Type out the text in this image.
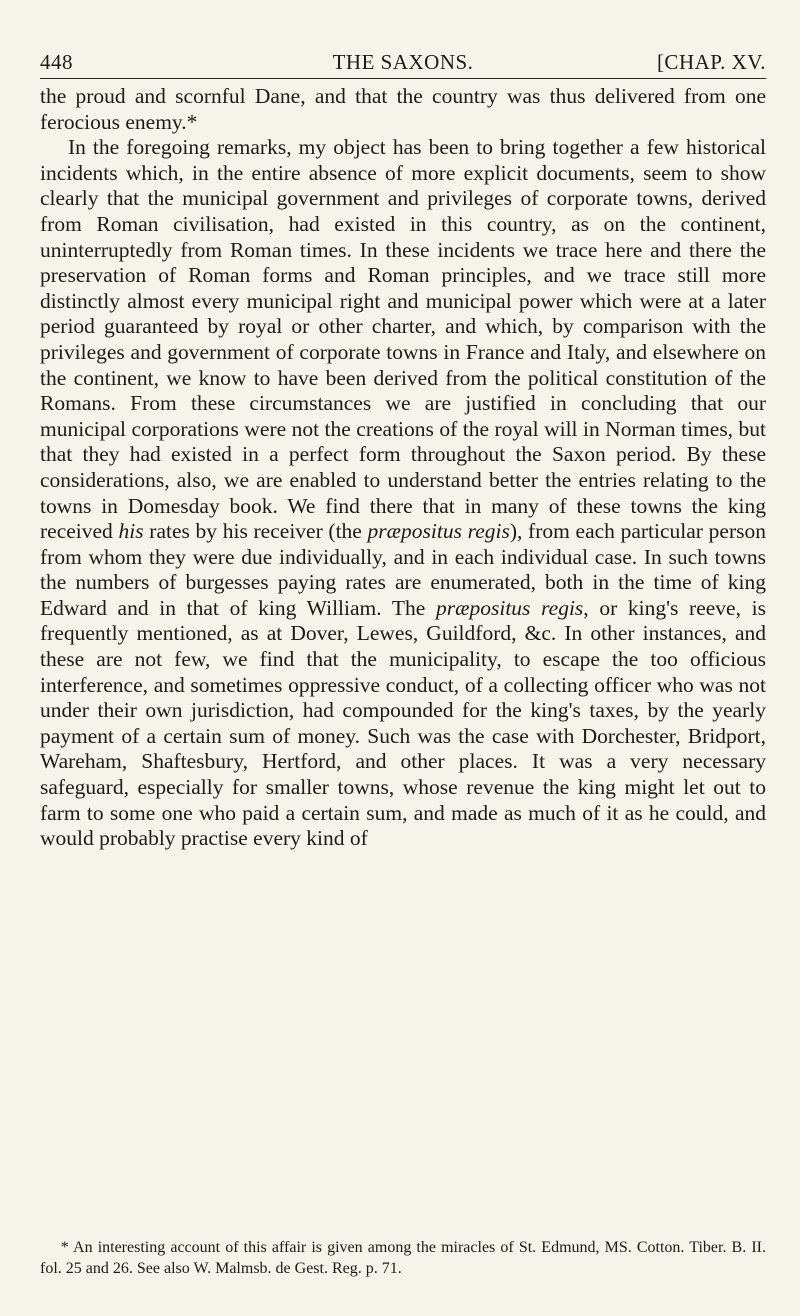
448	THE SAXONS.	[CHAP. XV.

the proud and scornful Dane, and that the country was thus delivered from one ferocious enemy.*

In the foregoing remarks, my object has been to bring together a few historical incidents which, in the entire absence of more explicit documents, seem to show clearly that the municipal government and privileges of corporate towns, derived from Roman civilisation, had existed in this country, as on the continent, uninterruptedly from Roman times. In these incidents we trace here and there the preservation of Roman forms and Roman principles, and we trace still more distinctly almost every municipal right and municipal power which were at a later period guaranteed by royal or other charter, and which, by comparison with the privileges and government of corporate towns in France and Italy, and elsewhere on the continent, we know to have been derived from the political constitution of the Romans. From these circumstances we are justified in concluding that our municipal corporations were not the creations of the royal will in Norman times, but that they had existed in a perfect form throughout the Saxon period. By these considerations, also, we are enabled to understand better the entries relating to the towns in Domesday book. We find there that in many of these towns the king received his rates by his receiver (the præpositus regis), from each particular person from whom they were due individually, and in each individual case. In such towns the numbers of burgesses paying rates are enumerated, both in the time of king Edward and in that of king William. The præpositus regis, or king's reeve, is frequently mentioned, as at Dover, Lewes, Guildford, &c. In other instances, and these are not few, we find that the municipality, to escape the too officious interference, and sometimes oppressive conduct, of a collecting officer who was not under their own jurisdiction, had compounded for the king's taxes, by the yearly payment of a certain sum of money. Such was the case with Dorchester, Bridport, Wareham, Shaftesbury, Hertford, and other places. It was a very necessary safeguard, especially for smaller towns, whose revenue the king might let out to farm to some one who paid a certain sum, and made as much of it as he could, and would probably practise every kind of

* An interesting account of this affair is given among the miracles of St. Edmund, MS. Cotton. Tiber. B. II. fol. 25 and 26. See also W. Malmsb. de Gest. Reg. p. 71.
